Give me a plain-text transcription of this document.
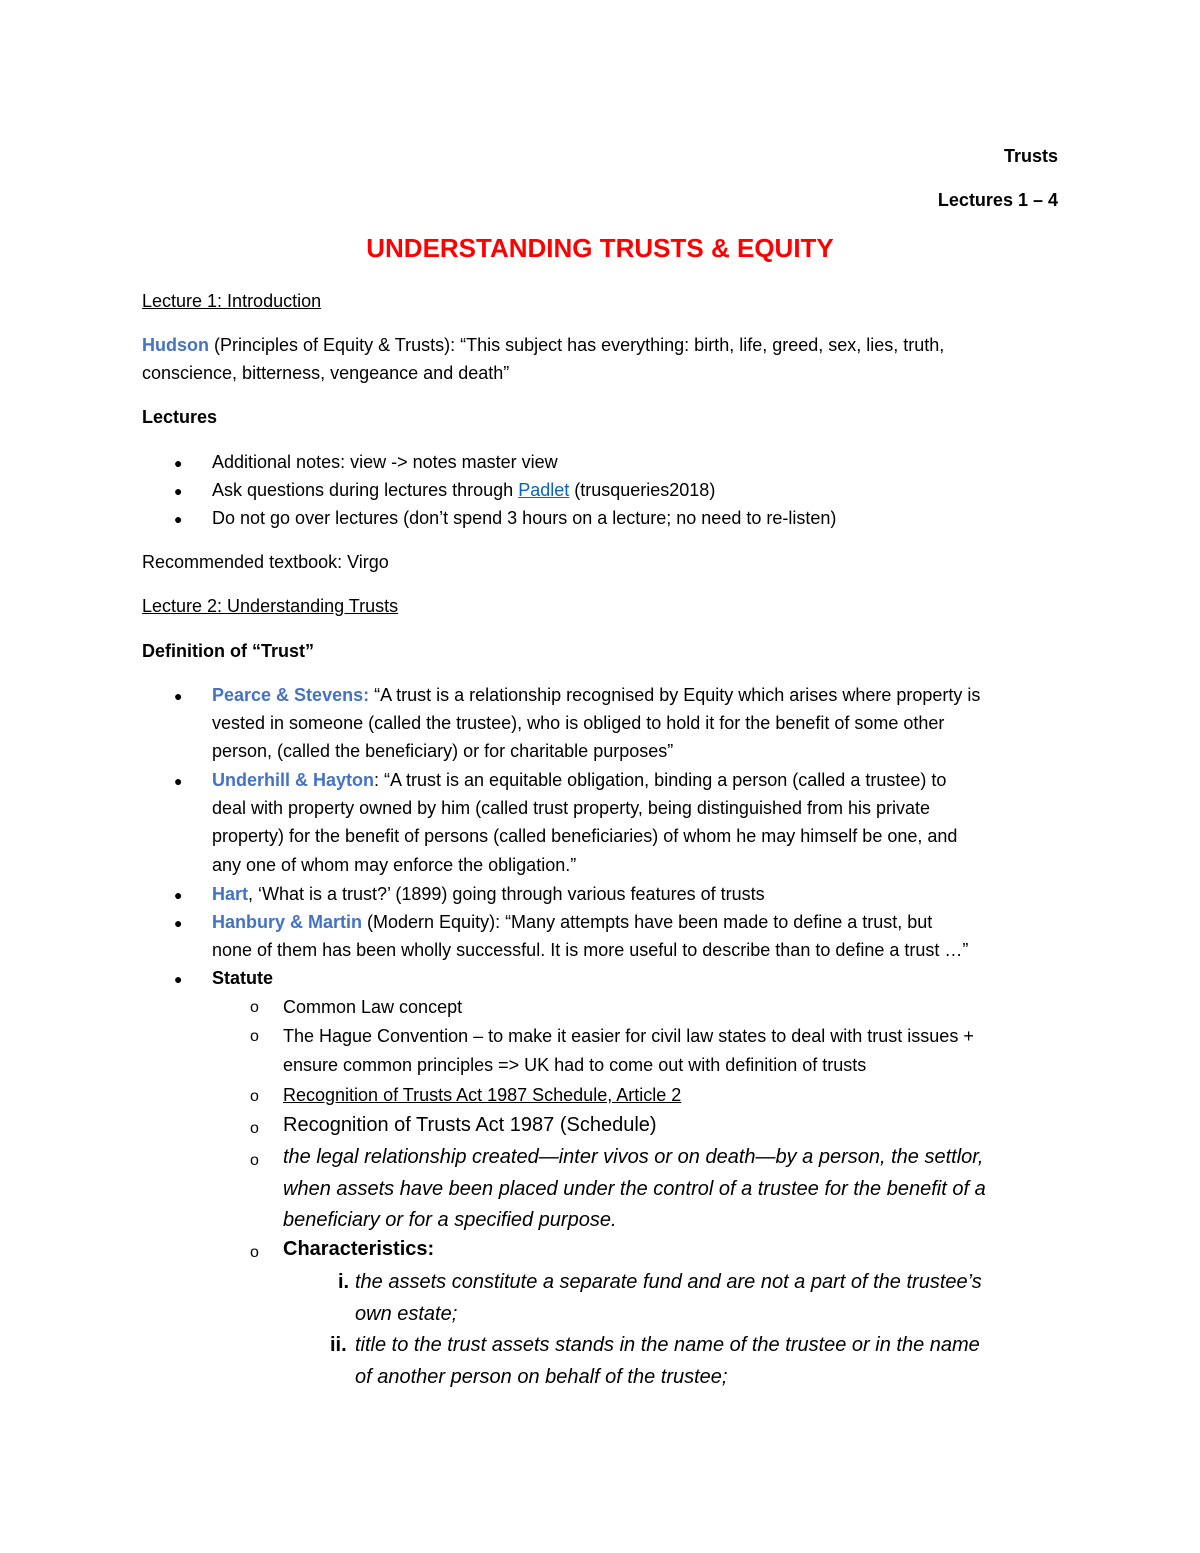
Trusts
Lectures 1 – 4
UNDERSTANDING TRUSTS & EQUITY
Lecture 1: Introduction
Hudson (Principles of Equity & Trusts): “This subject has everything: birth, life, greed, sex, lies, truth,
conscience, bitterness, vengeance and death”
Lectures
● Additional notes: view -> notes master view
● Ask questions during lectures through Padlet (trusqueries2018)
● Do not go over lectures (don’t spend 3 hours on a lecture; no need to re-listen)
Recommended textbook: Virgo
Lecture 2: Understanding Trusts
Definition of “Trust”
● Pearce & Stevens: “A trust is a relationship recognised by Equity which arises where property is
vested in someone (called the trustee), who is obliged to hold it for the benefit of some other
person, (called the beneficiary) or for charitable purposes”
● Underhill & Hayton: “A trust is an equitable obligation, binding a person (called a trustee) to
deal with property owned by him (called trust property, being distinguished from his private
property) for the benefit of persons (called beneficiaries) of whom he may himself be one, and
any one of whom may enforce the obligation.”
● Hart, ‘What is a trust?’ (1899) going through various features of trusts
● Hanbury & Martin (Modern Equity): “Many attempts have been made to define a trust, but
none of them has been wholly successful. It is more useful to describe than to define a trust …”
● Statute
o Common Law concept
o The Hague Convention – to make it easier for civil law states to deal with trust issues +
ensure common principles => UK had to come out with definition of trusts
o Recognition of Trusts Act 1987 Schedule, Article 2
o Recognition of Trusts Act 1987 (Schedule)
o the legal relationship created—inter vivos or on death—by a person, the settlor,
when assets have been placed under the control of a trustee for the benefit of a
beneficiary or for a specified purpose.
o Characteristics:
i. the assets constitute a separate fund and are not a part of the trustee’s
own estate;
ii. title to the trust assets stands in the name of the trustee or in the name
of another person on behalf of the trustee;
